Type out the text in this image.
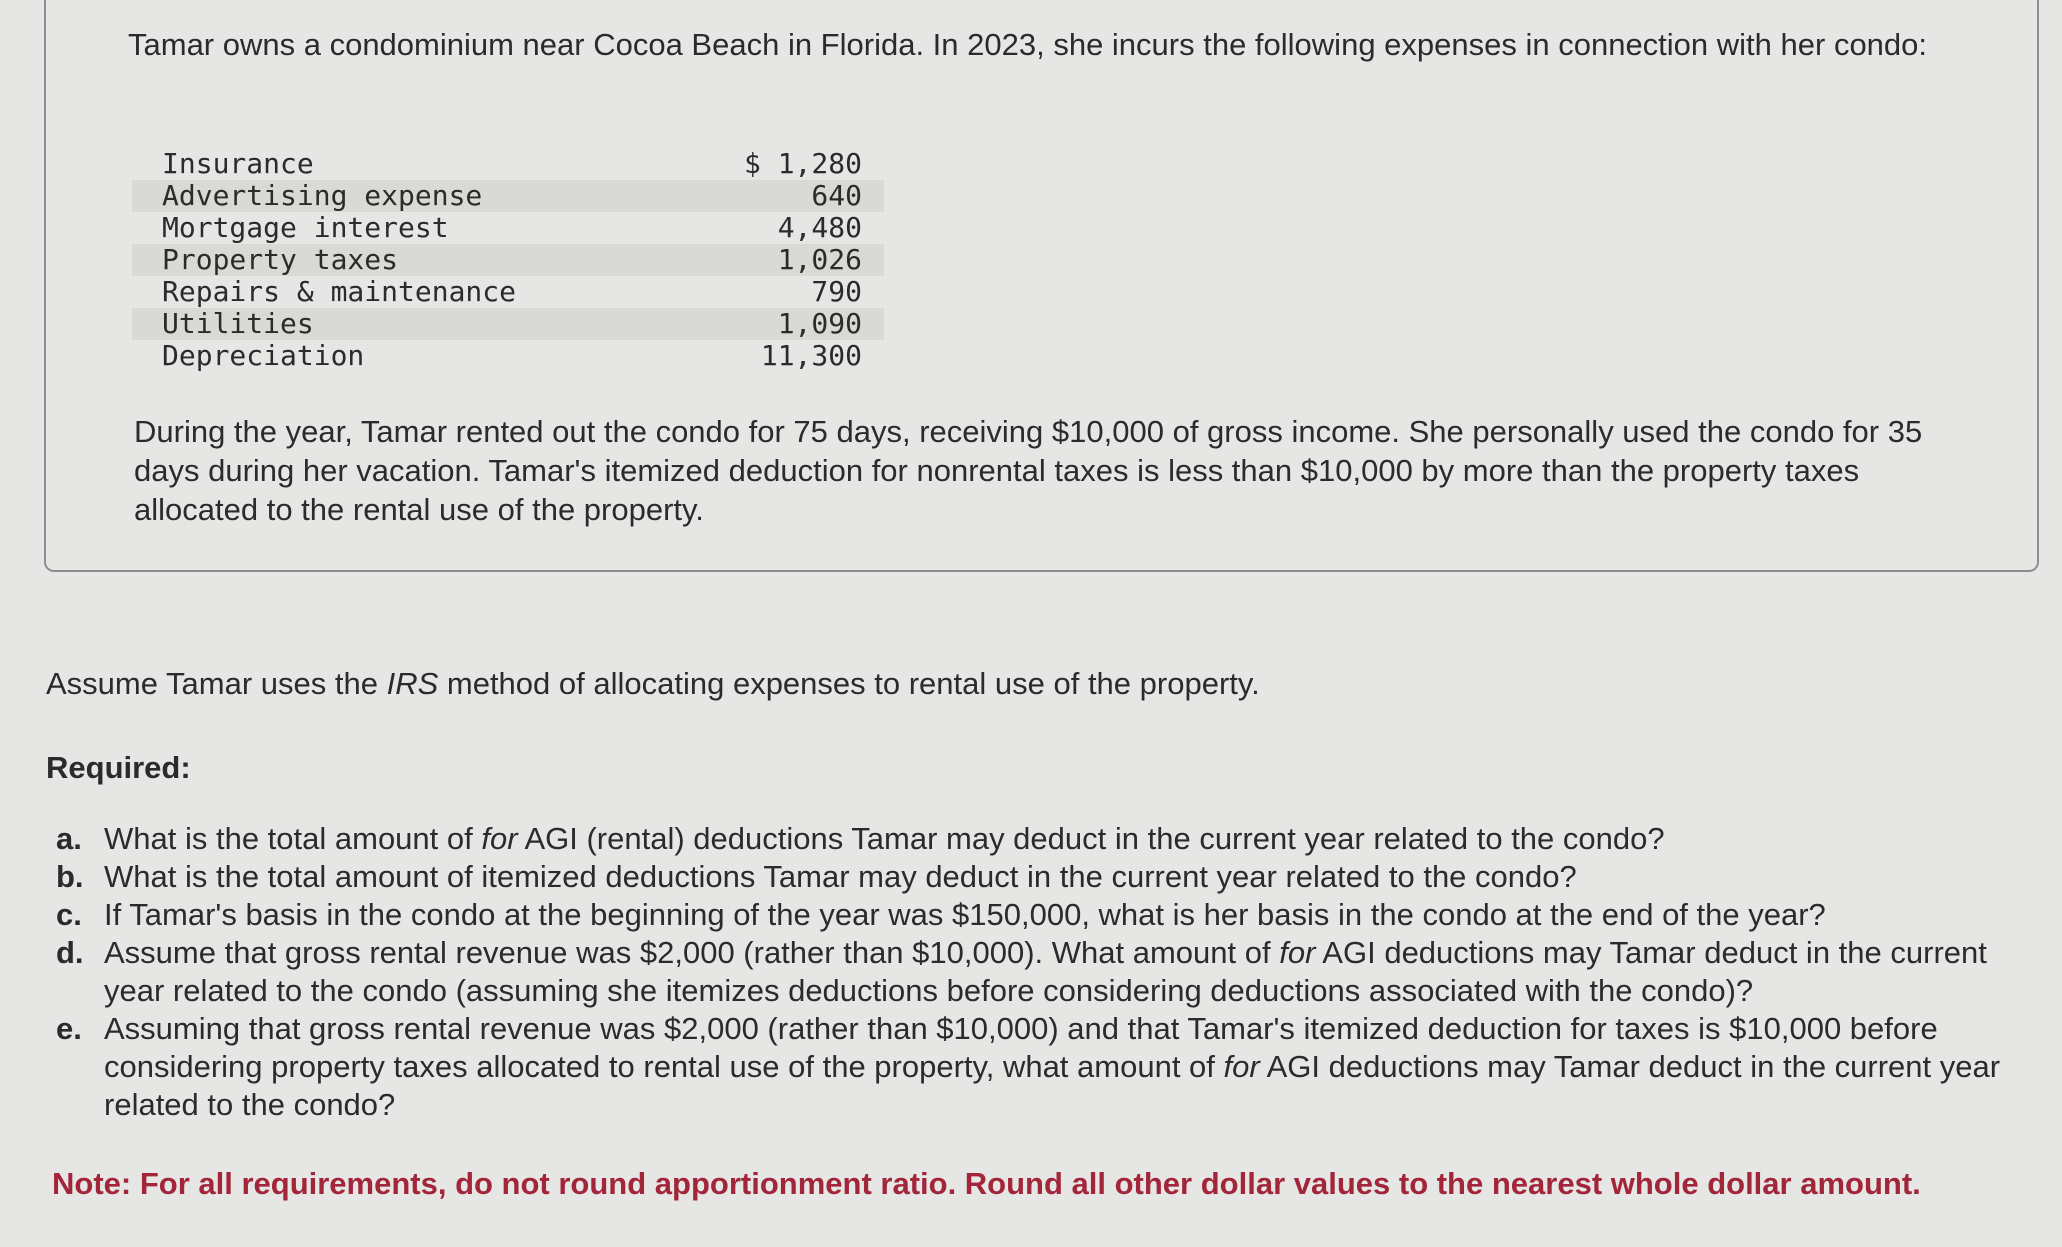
Tamar owns a condominium near Cocoa Beach in Florida. In 2023, she incurs the following expenses in connection with her condo:

Insurance	$ 1,280
Advertising expense	640
Mortgage interest	4,480
Property taxes	1,026
Repairs & maintenance	790
Utilities	1,090
Depreciation	11,300

During the year, Tamar rented out the condo for 75 days, receiving $10,000 of gross income. She personally used the condo for 35 days during her vacation. Tamar's itemized deduction for nonrental taxes is less than $10,000 by more than the property taxes allocated to the rental use of the property.

Assume Tamar uses the IRS method of allocating expenses to rental use of the property.

Required:

a. What is the total amount of for AGI (rental) deductions Tamar may deduct in the current year related to the condo?
b. What is the total amount of itemized deductions Tamar may deduct in the current year related to the condo?
c. If Tamar's basis in the condo at the beginning of the year was $150,000, what is her basis in the condo at the end of the year?
d. Assume that gross rental revenue was $2,000 (rather than $10,000). What amount of for AGI deductions may Tamar deduct in the current year related to the condo (assuming she itemizes deductions before considering deductions associated with the condo)?
e. Assuming that gross rental revenue was $2,000 (rather than $10,000) and that Tamar's itemized deduction for taxes is $10,000 before considering property taxes allocated to rental use of the property, what amount of for AGI deductions may Tamar deduct in the current year related to the condo?

Note: For all requirements, do not round apportionment ratio. Round all other dollar values to the nearest whole dollar amount.
